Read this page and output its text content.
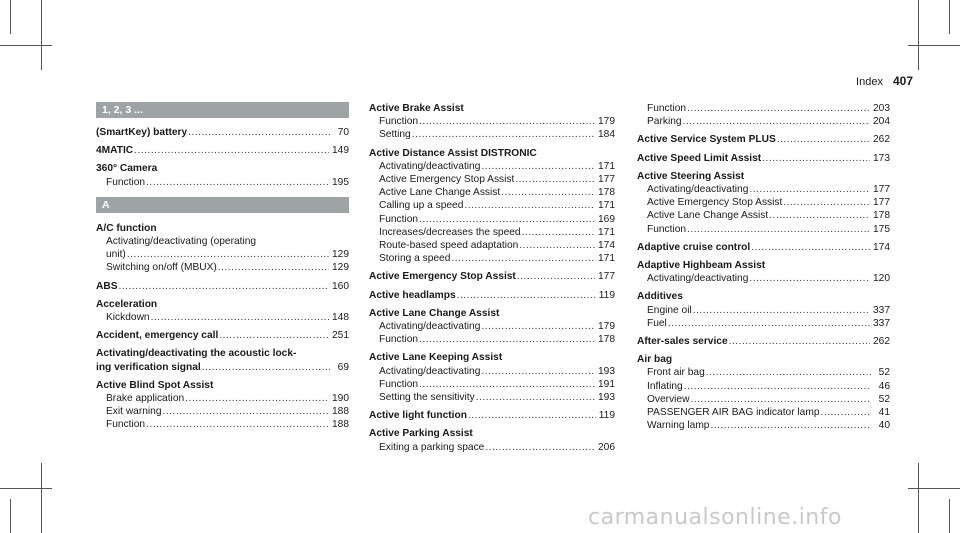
Index 407
1, 2, 3 ...
(SmartKey) battery .....	70
4MATIC .....	149
360° Camera
Function .....	195
A
A/C function
Activating/deactivating (operating
unit) .....	129
Switching on/off (MBUX) .....	129
ABS .....	160
Acceleration
Kickdown .....	148
Accident, emergency call .....	251
Activating/deactivating the acoustic lock-
ing verification signal .....	69
Active Blind Spot Assist
Brake application .....	190
Exit warning .....	188
Function .....	188
Active Brake Assist
Function .....	179
Setting .....	184
Active Distance Assist DISTRONIC
Activating/deactivating .....	171
Active Emergency Stop Assist .....	177
Active Lane Change Assist .....	178
Calling up a speed .....	171
Function .....	169
Increases/decreases the speed .....	171
Route-based speed adaptation .....	174
Storing a speed .....	171
Active Emergency Stop Assist .....	177
Active headlamps .....	119
Active Lane Change Assist
Activating/deactivating .....	179
Function .....	178
Active Lane Keeping Assist
Activating/deactivating .....	193
Function .....	191
Setting the sensitivity .....	193
Active light function .....	119
Active Parking Assist
Exiting a parking space .....	206
Function .....	203
Parking .....	204
Active Service System PLUS .....	262
Active Speed Limit Assist .....	173
Active Steering Assist
Activating/deactivating .....	177
Active Emergency Stop Assist .....	177
Active Lane Change Assist .....	178
Function .....	175
Adaptive cruise control .....	174
Adaptive Highbeam Assist
Activating/deactivating .....	120
Additives
Engine oil .....	337
Fuel .....	337
After-sales service .....	262
Air bag
Front air bag .....	52
Inflating .....	46
Overview .....	52
PASSENGER AIR BAG indicator lamp .....	41
Warning lamp .....	40
carmanualsonline.info
